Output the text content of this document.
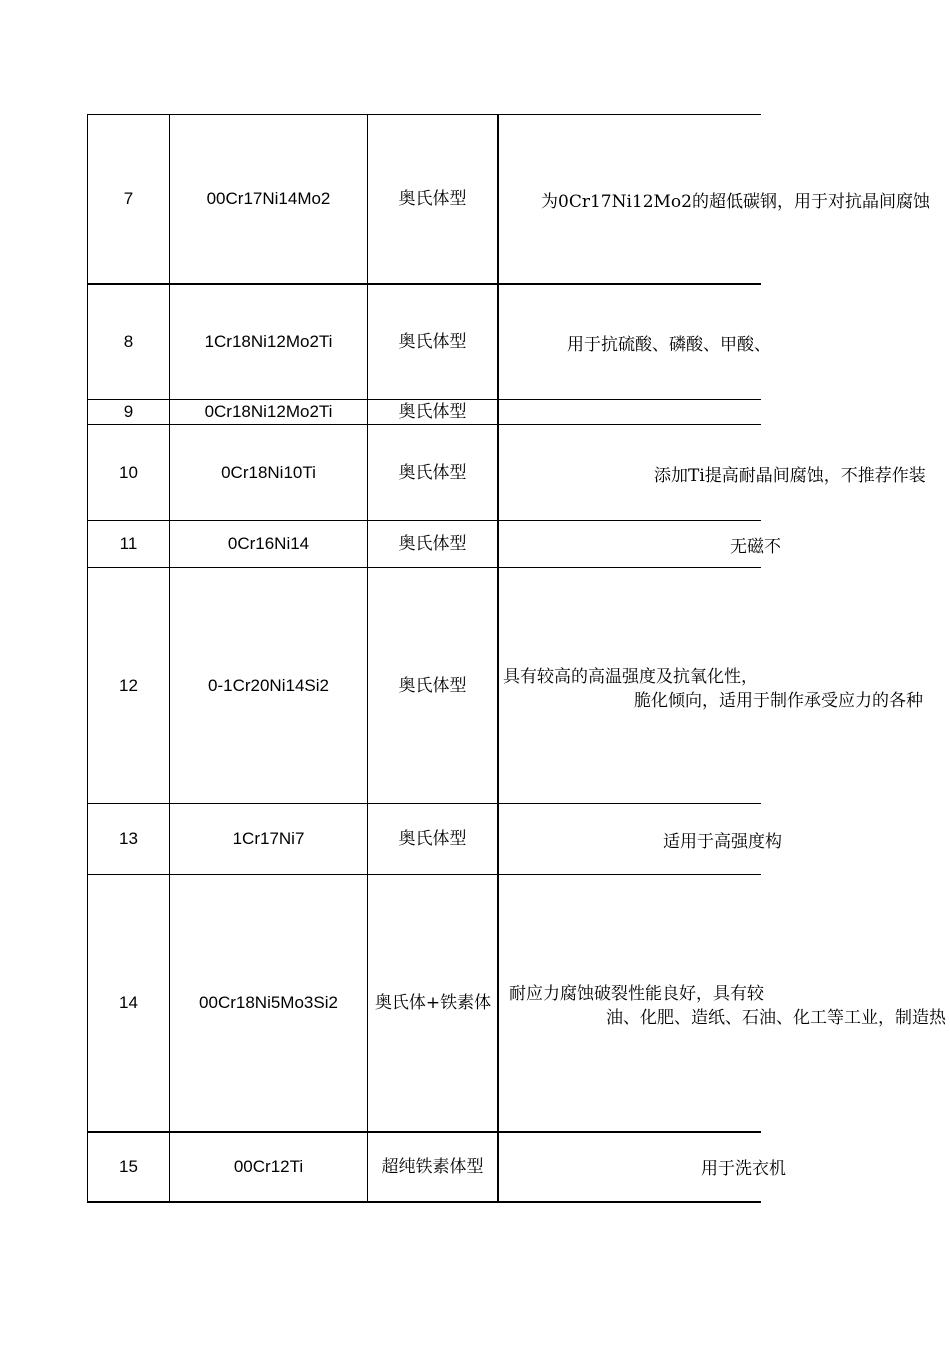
7	00Cr17Ni14Mo2	奥氏体型	为0Cr17Ni12Mo2的超低碳钢，用于对抗晶间腐蚀
8	1Cr18Ni12Mo2Ti	奥氏体型	用于抗硫酸、磷酸、甲酸、
9	0Cr18Ni12Mo2Ti	奥氏体型
10	0Cr18Ni10Ti	奥氏体型	添加Ti提高耐晶间腐蚀，不推荐作装
11	0Cr16Ni14	奥氏体型	无磁不
12	0-1Cr20Ni14Si2	奥氏体型 具有较高的高温强度及抗氧化性，
脆化倾向，适用于制作承受应力的各种
13	1Cr17Ni7	奥氏体型	适用于高强度构
14	00Cr18Ni5Mo3Si2 奥氏体+铁素体 耐应力腐蚀破裂性能良好，具有较
油、化肥、造纸、石油、化工等工业，制造热
15	00Cr12Ti	超纯铁素体型	用于洗衣机
